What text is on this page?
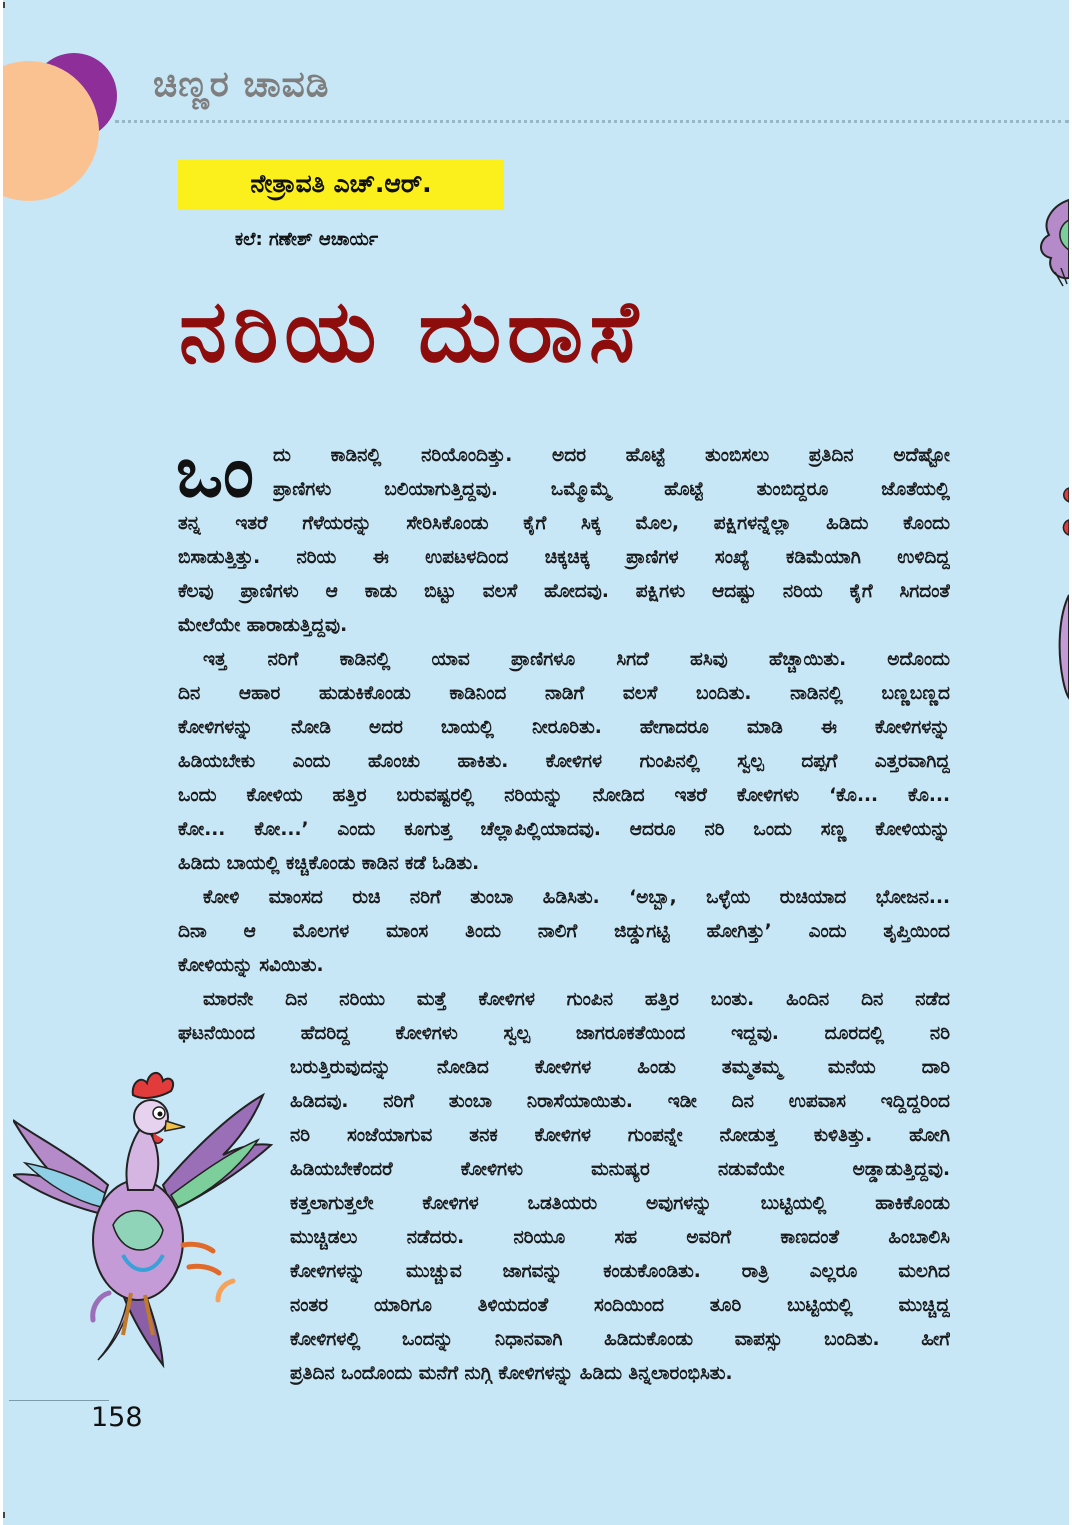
ಚಿಣ್ಣರ ಚಾವಡಿ
ನೇತ್ರಾವತಿ ಎಚ್‌.ಆರ್.
ಕಲೆ: ಗಣೇಶ್ ಆಚಾರ್ಯ
ನರಿಯ ದುರಾಸೆ
ಒಂ ದು ಕಾಡಿನಲ್ಲಿ ನರಿಯೊಂದಿತ್ತು. ಅದರ ಹೊಟ್ಟೆ ತುಂಬಿಸಲು ಪ್ರತಿದಿನ ಅದೆಷ್ಟೋ
ಪ್ರಾಣಿಗಳು ಬಲಿಯಾಗುತ್ತಿದ್ದವು. ಒಮ್ಮೊಮ್ಮೆ ಹೊಟ್ಟೆ ತುಂಬಿದ್ದರೂ ಜೊತೆಯಲ್ಲಿ
ತನ್ನ ಇತರೆ ಗೆಳೆಯರನ್ನು ಸೇರಿಸಿಕೊಂಡು ಕೈಗೆ ಸಿಕ್ಕ ಮೊಲ, ಪಕ್ಷಿಗಳನ್ನೆಲ್ಲಾ ಹಿಡಿದು ಕೊಂದು
ಬಿಸಾಡುತ್ತಿತ್ತು. ನರಿಯ ಈ ಉಪಟಳದಿಂದ ಚಿಕ್ಕಚಿಕ್ಕ ಪ್ರಾಣಿಗಳ ಸಂಖ್ಯೆ ಕಡಿಮೆಯಾಗಿ ಉಳಿದಿದ್ದ
ಕೆಲವು ಪ್ರಾಣಿಗಳು ಆ ಕಾಡು ಬಿಟ್ಟು ವಲಸೆ ಹೋದವು. ಪಕ್ಷಿಗಳು ಆದಷ್ಟು ನರಿಯ ಕೈಗೆ ಸಿಗದಂತೆ
ಮೇಲೆಯೇ ಹಾರಾಡುತ್ತಿದ್ದವು.
ಇತ್ತ ನರಿಗೆ ಕಾಡಿನಲ್ಲಿ ಯಾವ ಪ್ರಾಣಿಗಳೂ ಸಿಗದೆ ಹಸಿವು ಹೆಚ್ಚಾಯಿತು. ಅದೊಂದು
ದಿನ ಆಹಾರ ಹುಡುಕಿಕೊಂಡು ಕಾಡಿನಿಂದ ನಾಡಿಗೆ ವಲಸೆ ಬಂದಿತು. ನಾಡಿನಲ್ಲಿ ಬಣ್ಣಬಣ್ಣದ
ಕೋಳಿಗಳನ್ನು ನೋಡಿ ಅದರ ಬಾಯಲ್ಲಿ ನೀರೂರಿತು. ಹೇಗಾದರೂ ಮಾಡಿ ಈ ಕೋಳಿಗಳನ್ನು
ಹಿಡಿಯಬೇಕು ಎಂದು ಹೊಂಚು ಹಾಕಿತು. ಕೋಳಿಗಳ ಗುಂಪಿನಲ್ಲಿ ಸ್ವಲ್ಪ ದಪ್ಪಗೆ ಎತ್ತರವಾಗಿದ್ದ
ಒಂದು ಕೋಳಿಯ ಹತ್ತಿರ ಬರುವಷ್ಟರಲ್ಲಿ ನರಿಯನ್ನು ನೋಡಿದ ಇತರೆ ಕೋಳಿಗಳು ‘ಕೊ... ಕೊ...
ಕೋ... ಕೋ...’ ಎಂದು ಕೂಗುತ್ತ ಚೆಲ್ಲಾಪಿಲ್ಲಿಯಾದವು. ಆದರೂ ನರಿ ಒಂದು ಸಣ್ಣ ಕೋಳಿಯನ್ನು
ಹಿಡಿದು ಬಾಯಲ್ಲಿ ಕಚ್ಚಿಕೊಂಡು ಕಾಡಿನ ಕಡೆ ಓಡಿತು.
ಕೋಳಿ ಮಾಂಸದ ರುಚಿ ನರಿಗೆ ತುಂಬಾ ಹಿಡಿಸಿತು. ‘ಅಬ್ಬಾ, ಒಳ್ಳೆಯ ರುಚಿಯಾದ ಭೋಜನ...
ದಿನಾ ಆ ಮೊಲಗಳ ಮಾಂಸ ತಿಂದು ನಾಲಿಗೆ ಜಿಡ್ಡುಗಟ್ಟಿ ಹೋಗಿತ್ತು’ ಎಂದು ತೃಪ್ತಿಯಿಂದ
ಕೋಳಿಯನ್ನು ಸವಿಯಿತು.
ಮಾರನೇ ದಿನ ನರಿಯು ಮತ್ತೆ ಕೋಳಿಗಳ ಗುಂಪಿನ ಹತ್ತಿರ ಬಂತು. ಹಿಂದಿನ ದಿನ ನಡೆದ
ಘಟನೆಯಿಂದ ಹೆದರಿದ್ದ ಕೋಳಿಗಳು ಸ್ವಲ್ಪ ಜಾಗರೂಕತೆಯಿಂದ ಇದ್ದವು. ದೂರದಲ್ಲಿ ನರಿ
ಬರುತ್ತಿರುವುದನ್ನು ನೋಡಿದ ಕೋಳಿಗಳ ಹಿಂಡು ತಮ್ಮತಮ್ಮ ಮನೆಯ ದಾರಿ
ಹಿಡಿದವು. ನರಿಗೆ ತುಂಬಾ ನಿರಾಸೆಯಾಯಿತು. ಇಡೀ ದಿನ ಉಪವಾಸ ಇದ್ದಿದ್ದರಿಂದ
ನರಿ ಸಂಜೆಯಾಗುವ ತನಕ ಕೋಳಿಗಳ ಗುಂಪನ್ನೇ ನೋಡುತ್ತ ಕುಳಿತಿತ್ತು. ಹೋಗಿ
ಹಿಡಿಯಬೇಕೆಂದರೆ ಕೋಳಿಗಳು ಮನುಷ್ಯರ ನಡುವೆಯೇ ಅಡ್ಡಾಡುತ್ತಿದ್ದವು.
ಕತ್ತಲಾಗುತ್ತಲೇ ಕೋಳಿಗಳ ಒಡತಿಯರು ಅವುಗಳನ್ನು ಬುಟ್ಟಿಯಲ್ಲಿ ಹಾಕಿಕೊಂಡು
ಮುಚ್ಚಿಡಲು ನಡೆದರು. ನರಿಯೂ ಸಹ ಅವರಿಗೆ ಕಾಣದಂತೆ ಹಿಂಬಾಲಿಸಿ
ಕೋಳಿಗಳನ್ನು ಮುಚ್ಚುವ ಜಾಗವನ್ನು ಕಂಡುಕೊಂಡಿತು. ರಾತ್ರಿ ಎಲ್ಲರೂ ಮಲಗಿದ
ನಂತರ ಯಾರಿಗೂ ತಿಳಿಯದಂತೆ ಸಂದಿಯಿಂದ ತೂರಿ ಬುಟ್ಟಿಯಲ್ಲಿ ಮುಚ್ಚಿದ್ದ
ಕೋಳಿಗಳಲ್ಲಿ ಒಂದನ್ನು ನಿಧಾನವಾಗಿ ಹಿಡಿದುಕೊಂಡು ವಾಪಸ್ಸು ಬಂದಿತು. ಹೀಗೆ
ಪ್ರತಿದಿನ ಒಂದೊಂದು ಮನೆಗೆ ನುಗ್ಗಿ ಕೋಳಿಗಳನ್ನು ಹಿಡಿದು ತಿನ್ನಲಾರಂಭಿಸಿತು.
158
